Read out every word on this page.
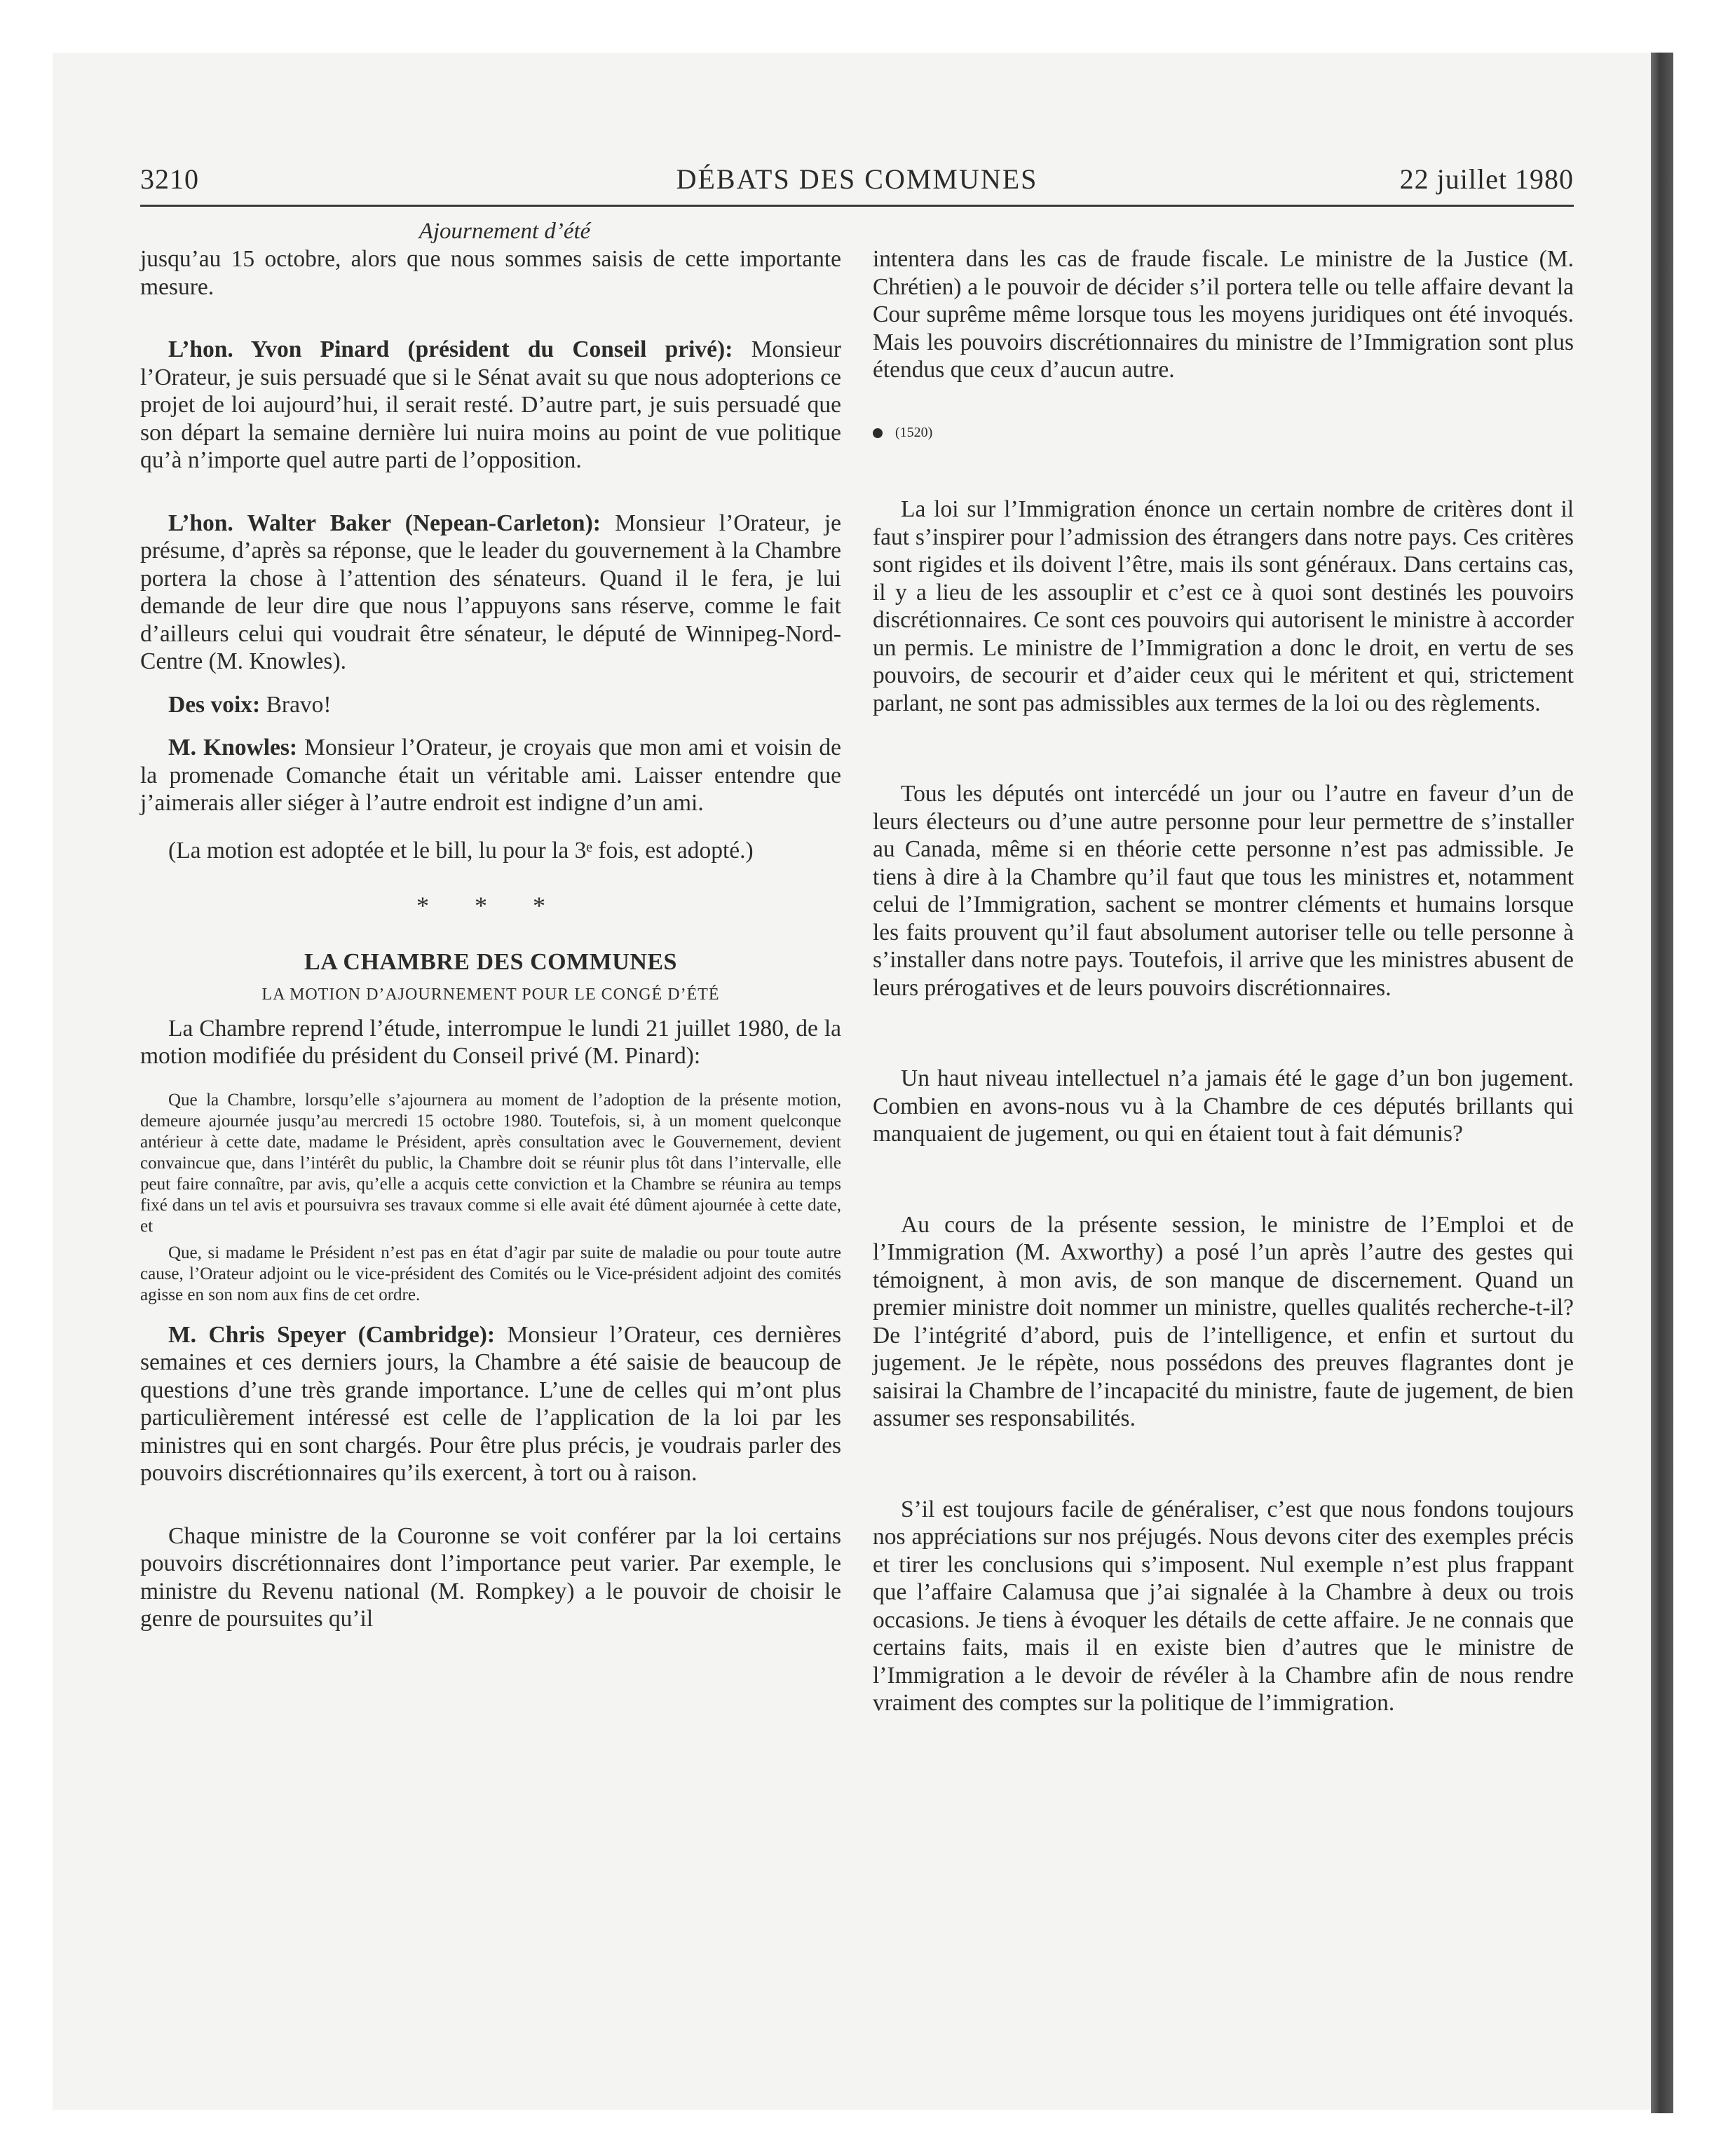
3210	DÉBATS DES COMMUNES	22 juillet 1980

Ajournement d’été

jusqu’au 15 octobre, alors que nous sommes saisis de cette importante mesure.

L’hon. Yvon Pinard (président du Conseil privé): Monsieur l’Orateur, je suis persuadé que si le Sénat avait su que nous adopterions ce projet de loi aujourd’hui, il serait resté. D’autre part, je suis persuadé que son départ la semaine dernière lui nuira moins au point de vue politique qu’à n’importe quel autre parti de l’opposition.

L’hon. Walter Baker (Nepean-Carleton): Monsieur l’Orateur, je présume, d’après sa réponse, que le leader du gouvernement à la Chambre portera la chose à l’attention des sénateurs. Quand il le fera, je lui demande de leur dire que nous l’appuyons sans réserve, comme le fait d’ailleurs celui qui voudrait être sénateur, le député de Winnipeg-Nord-Centre (M. Knowles).

Des voix: Bravo!

M. Knowles: Monsieur l’Orateur, je croyais que mon ami et voisin de la promenade Comanche était un véritable ami. Laisser entendre que j’aimerais aller siéger à l’autre endroit est indigne d’un ami.

(La motion est adoptée et le bill, lu pour la 3ᵉ fois, est adopté.)

* * *

LA CHAMBRE DES COMMUNES

LA MOTION D’AJOURNEMENT POUR LE CONGÉ D’ÉTÉ

La Chambre reprend l’étude, interrompue le lundi 21 juillet 1980, de la motion modifiée du président du Conseil privé (M. Pinard):

Que la Chambre, lorsqu’elle s’ajournera au moment de l’adoption de la présente motion, demeure ajournée jusqu’au mercredi 15 octobre 1980. Toutefois, si, à un moment quelconque antérieur à cette date, madame le Président, après consultation avec le Gouvernement, devient convaincue que, dans l’intérêt du public, la Chambre doit se réunir plus tôt dans l’intervalle, elle peut faire connaître, par avis, qu’elle a acquis cette conviction et la Chambre se réunira au temps fixé dans un tel avis et poursuivra ses travaux comme si elle avait été dûment ajournée à cette date, et

Que, si madame le Président n’est pas en état d’agir par suite de maladie ou pour toute autre cause, l’Orateur adjoint ou le vice-président des Comités ou le Vice-président adjoint des comités agisse en son nom aux fins de cet ordre.

M. Chris Speyer (Cambridge): Monsieur l’Orateur, ces dernières semaines et ces derniers jours, la Chambre a été saisie de beaucoup de questions d’une très grande importance. L’une de celles qui m’ont plus particulièrement intéressé est celle de l’application de la loi par les ministres qui en sont chargés. Pour être plus précis, je voudrais parler des pouvoirs discrétionnaires qu’ils exercent, à tort ou à raison.

Chaque ministre de la Couronne se voit conférer par la loi certains pouvoirs discrétionnaires dont l’importance peut varier. Par exemple, le ministre du Revenu national (M. Rompkey) a le pouvoir de choisir le genre de poursuites qu’il

intentera dans les cas de fraude fiscale. Le ministre de la Justice (M. Chrétien) a le pouvoir de décider s’il portera telle ou telle affaire devant la Cour suprême même lorsque tous les moyens juridiques ont été invoqués. Mais les pouvoirs discrétionnaires du ministre de l’Immigration sont plus étendus que ceux d’aucun autre.

(1520)

La loi sur l’Immigration énonce un certain nombre de critères dont il faut s’inspirer pour l’admission des étrangers dans notre pays. Ces critères sont rigides et ils doivent l’être, mais ils sont généraux. Dans certains cas, il y a lieu de les assouplir et c’est ce à quoi sont destinés les pouvoirs discrétionnaires. Ce sont ces pouvoirs qui autorisent le ministre à accorder un permis. Le ministre de l’Immigration a donc le droit, en vertu de ses pouvoirs, de secourir et d’aider ceux qui le méritent et qui, strictement parlant, ne sont pas admissibles aux termes de la loi ou des règlements.

Tous les députés ont intercédé un jour ou l’autre en faveur d’un de leurs électeurs ou d’une autre personne pour leur permettre de s’installer au Canada, même si en théorie cette personne n’est pas admissible. Je tiens à dire à la Chambre qu’il faut que tous les ministres et, notamment celui de l’Immigration, sachent se montrer cléments et humains lorsque les faits prouvent qu’il faut absolument autoriser telle ou telle personne à s’installer dans notre pays. Toutefois, il arrive que les ministres abusent de leurs prérogatives et de leurs pouvoirs discrétionnaires.

Un haut niveau intellectuel n’a jamais été le gage d’un bon jugement. Combien en avons-nous vu à la Chambre de ces députés brillants qui manquaient de jugement, ou qui en étaient tout à fait démunis?

Au cours de la présente session, le ministre de l’Emploi et de l’Immigration (M. Axworthy) a posé l’un après l’autre des gestes qui témoignent, à mon avis, de son manque de discernement. Quand un premier ministre doit nommer un ministre, quelles qualités recherche-t-il? De l’intégrité d’abord, puis de l’intelligence, et enfin et surtout du jugement. Je le répète, nous possédons des preuves flagrantes dont je saisirai la Chambre de l’incapacité du ministre, faute de jugement, de bien assumer ses responsabilités.

S’il est toujours facile de généraliser, c’est que nous fondons toujours nos appréciations sur nos préjugés. Nous devons citer des exemples précis et tirer les conclusions qui s’imposent. Nul exemple n’est plus frappant que l’affaire Calamusa que j’ai signalée à la Chambre à deux ou trois occasions. Je tiens à évoquer les détails de cette affaire. Je ne connais que certains faits, mais il en existe bien d’autres que le ministre de l’Immigration a le devoir de révéler à la Chambre afin de nous rendre vraiment des comptes sur la politique de l’immigration.
